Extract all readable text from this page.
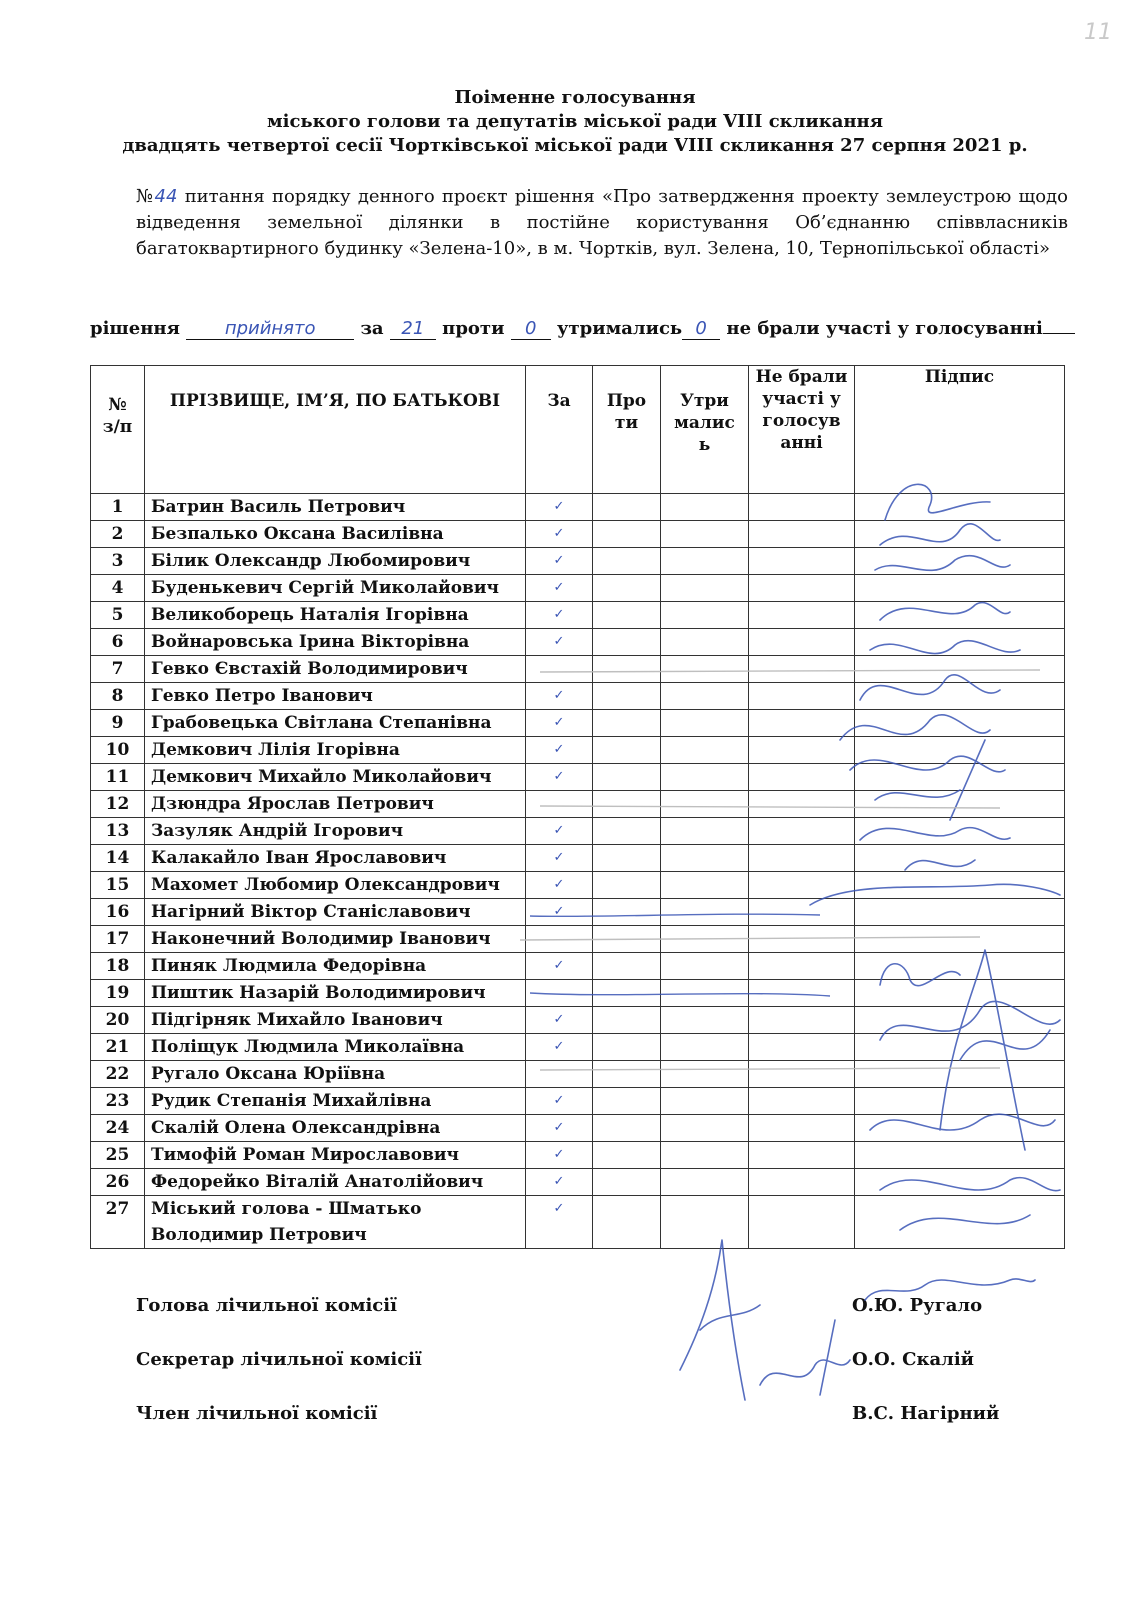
11
Поіменне голосування
міського голови та депутатів міської ради VIII скликання
двадцять четвертої сесії Чортківської міської ради VIII скликання 27 серпня 2021 р.
№44 питання порядку денного проєкт рішення «Про затвердження проекту землеустрою щодо відведення земельної ділянки в постійне користування Об’єднанню співвласників багатоквартирного будинку «Зелена-10», в м. Чортків, вул. Зелена, 10, Тернопільської області»
рішення прийнято за 21 проти 0 утримались 0 не брали участі у голосуванні
№ з/п	ПРІЗВИЩЕ, ІМ’Я, ПО БАТЬКОВІ	За	Про ти	Утри малис ь	Не брали участі у голосув анні	Підпис
1	Батрин Василь Петрович	✓				
2	Безпалько Оксана Василівна	✓				
3	Білик Олександр Любомирович	✓				
4	Буденькевич Сергій Миколайович	✓				
5	Великоборець Наталія Ігорівна	✓				
6	Войнаровська Ірина Вікторівна	✓				
7	Гевко Євстахій Володимирович					
8	Гевко Петро Іванович	✓				
9	Грабовецька Світлана Степанівна	✓				
10	Демкович Лілія Ігорівна	✓				
11	Демкович Михайло Миколайович	✓				
12	Дзюндра Ярослав Петрович					
13	Зазуляк Андрій Ігорович	✓				
14	Калакайло Іван Ярославович	✓				
15	Махомет Любомир Олександрович	✓				
16	Нагірний Віктор Станіславович	✓				
17	Наконечний Володимир Іванович					
18	Пиняк Людмила Федорівна	✓				
19	Пиштик Назарій Володимирович					
20	Підгірняк Михайло Іванович	✓				
21	Поліщук Людмила Миколаївна	✓				
22	Ругало Оксана Юріївна					
23	Рудик Степанія Михайлівна	✓				
24	Скалій Олена Олександрівна	✓				
25	Тимофій Роман Мирославович	✓				
26	Федорейко Віталій Анатолійович	✓				
27	Міський голова - Шматько Володимир Петрович	✓				
Голова лічильної комісії	О.Ю. Ругало
Секретар лічильної комісії	О.О. Скалій
Член лічильної комісії	В.С. Нагірний
